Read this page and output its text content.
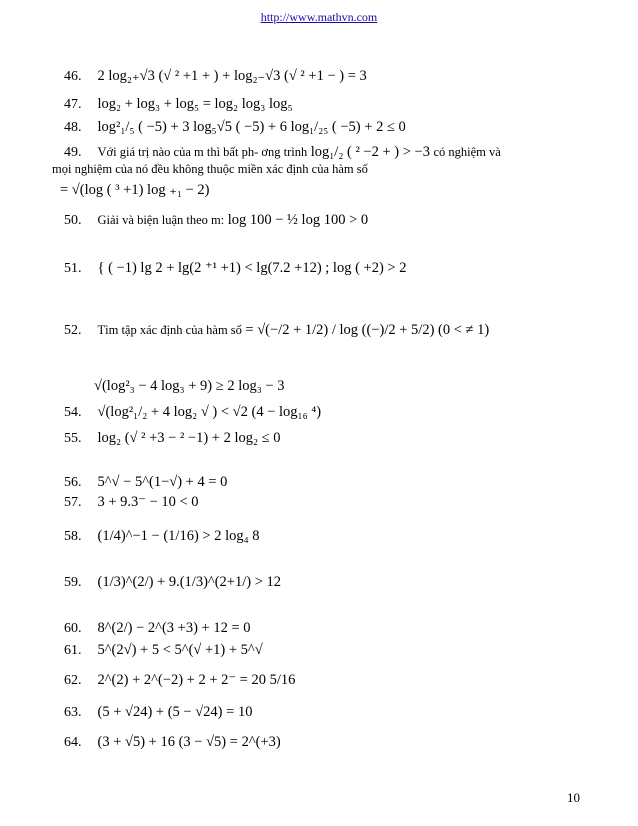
http://www.mathvn.com
46. 2 log₂₊√3 (√ ² +1 + ) + log₂₋√3 (√ ² +1 − ) = 3
47. log₂ + log₃ + log₅ = log₂ log₃ log₅
48. log²₁/₅ ( −5) + 3 log₅√5 ( −5) + 6 log₁/₂₅ ( −5) + 2 ≤ 0
49. Với giá trị nào của m thì bất ph- ơng trình log₁/₂ ( ² −2 + ) > −3 có nghiệm và
mọi nghiệm của nó đều không thuộc miền xác định của hàm số
= √(log ( ³ +1) log ₊₁ − 2)
50. Giải và biện luận theo m: log 100 − ½ log 100 > 0
51. { ( −1) lg 2 + lg(2 ⁺¹ +1) < lg(7.2 +12) ; log ( +2) > 2
52. Tìm tập xác định của hàm số = √(−/2 + 1/2) / log ((−)/2 + 5/2) (0 < ≠ 1)
√(log²₃ − 4 log₃ + 9) ≥ 2 log₃ − 3
54. √(log²₁/₂ + 4 log₂ √ ) < √2 (4 − log₁₆ ⁴)
55. log₂ (√ ² +3 − ² −1) + 2 log₂ ≤ 0
56. 5^√ − 5^(1−√) + 4 = 0
57. 3 + 9.3⁻ − 10 < 0
58. (1/4)^−1 − (1/16) > 2 log₄ 8
59. (1/3)^(2/) + 9.(1/3)^(2+1/) > 12
60. 8^(2/) − 2^(3 +3) + 12 = 0
61. 5^(2√) + 5 < 5^(√ +1) + 5^√
62. 2^(2) + 2^(−2) + 2 + 2⁻ = 20 5/16
63. (5 + √24) + (5 − √24) = 10
64. (3 + √5) + 16 (3 − √5) = 2^(+3)
10
